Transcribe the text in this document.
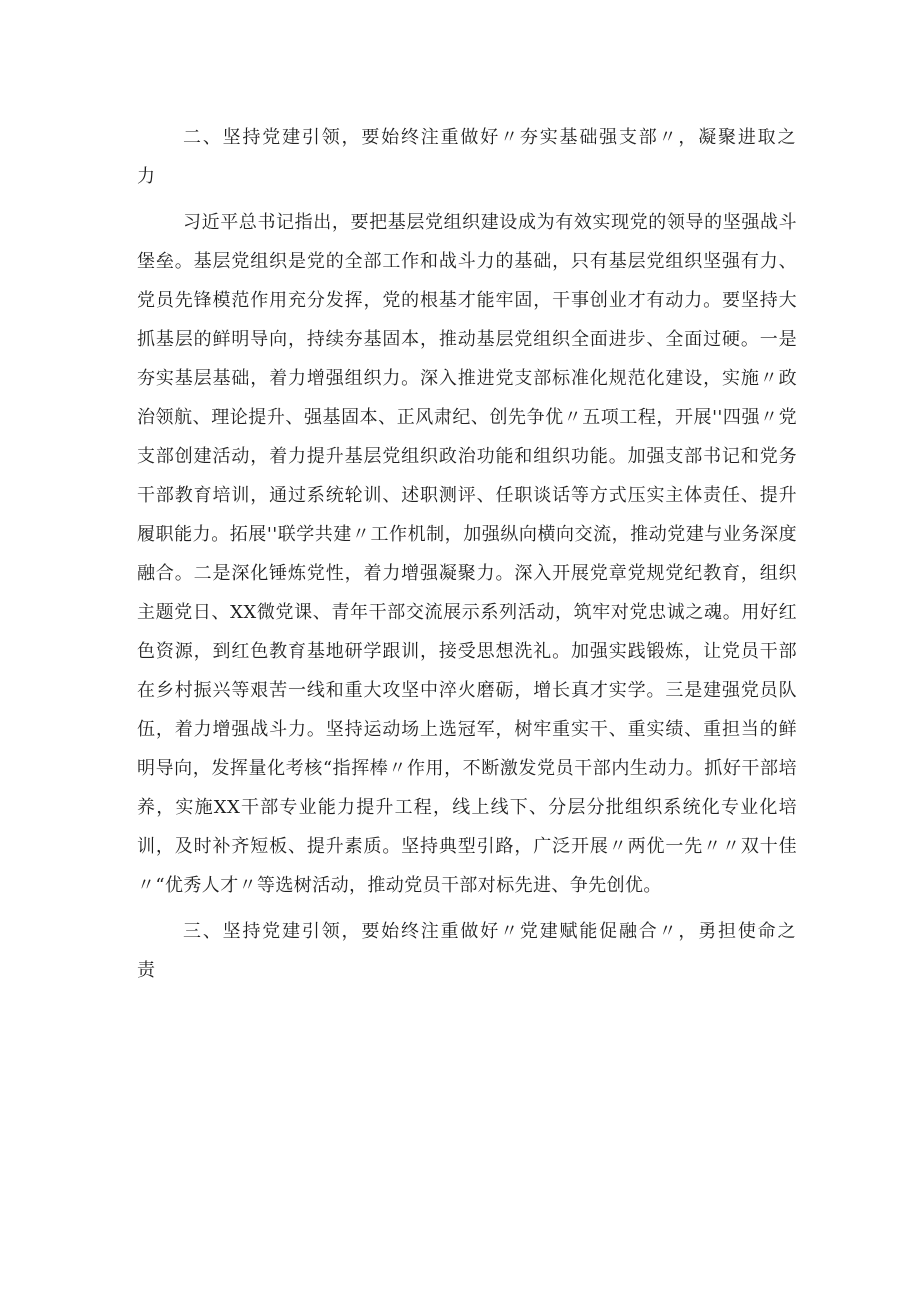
二、坚持党建引领，要始终注重做好〃夯实基础强支部〃，凝聚进取之力

习近平总书记指出，要把基层党组织建设成为有效实现党的领导的坚强战斗堡垒。基层党组织是党的全部工作和战斗力的基础，只有基层党组织坚强有力、党员先锋模范作用充分发挥，党的根基才能牢固，干事创业才有动力。要坚持大抓基层的鲜明导向，持续夯基固本，推动基层党组织全面进步、全面过硬。一是夯实基层基础，着力增强组织力。深入推进党支部标准化规范化建设，实施〃政治领航、理论提升、强基固本、正风肃纪、创先争优〃五项工程，开展''四强〃党支部创建活动，着力提升基层党组织政治功能和组织功能。加强支部书记和党务干部教育培训，通过系统轮训、述职测评、任职谈话等方式压实主体责任、提升履职能力。拓展''联学共建〃工作机制，加强纵向横向交流，推动党建与业务深度融合。二是深化锤炼党性，着力增强凝聚力。深入开展党章党规党纪教育，组织主题党日、XX微党课、青年干部交流展示系列活动，筑牢对党忠诚之魂。用好红色资源，到红色教育基地研学跟训，接受思想洗礼。加强实践锻炼，让党员干部在乡村振兴等艰苦一线和重大攻坚中淬火磨砺，增长真才实学。三是建强党员队伍，着力增强战斗力。坚持运动场上选冠军，树牢重实干、重实绩、重担当的鲜明导向，发挥量化考核“指挥棒〃作用，不断激发党员干部内生动力。抓好干部培养，实施XX干部专业能力提升工程，线上线下、分层分批组织系统化专业化培训，及时补齐短板、提升素质。坚持典型引路，广泛开展〃两优一先〃〃双十佳〃“优秀人才〃等选树活动，推动党员干部对标先进、争先创优。

三、坚持党建引领，要始终注重做好〃党建赋能促融合〃，勇担使命之责
